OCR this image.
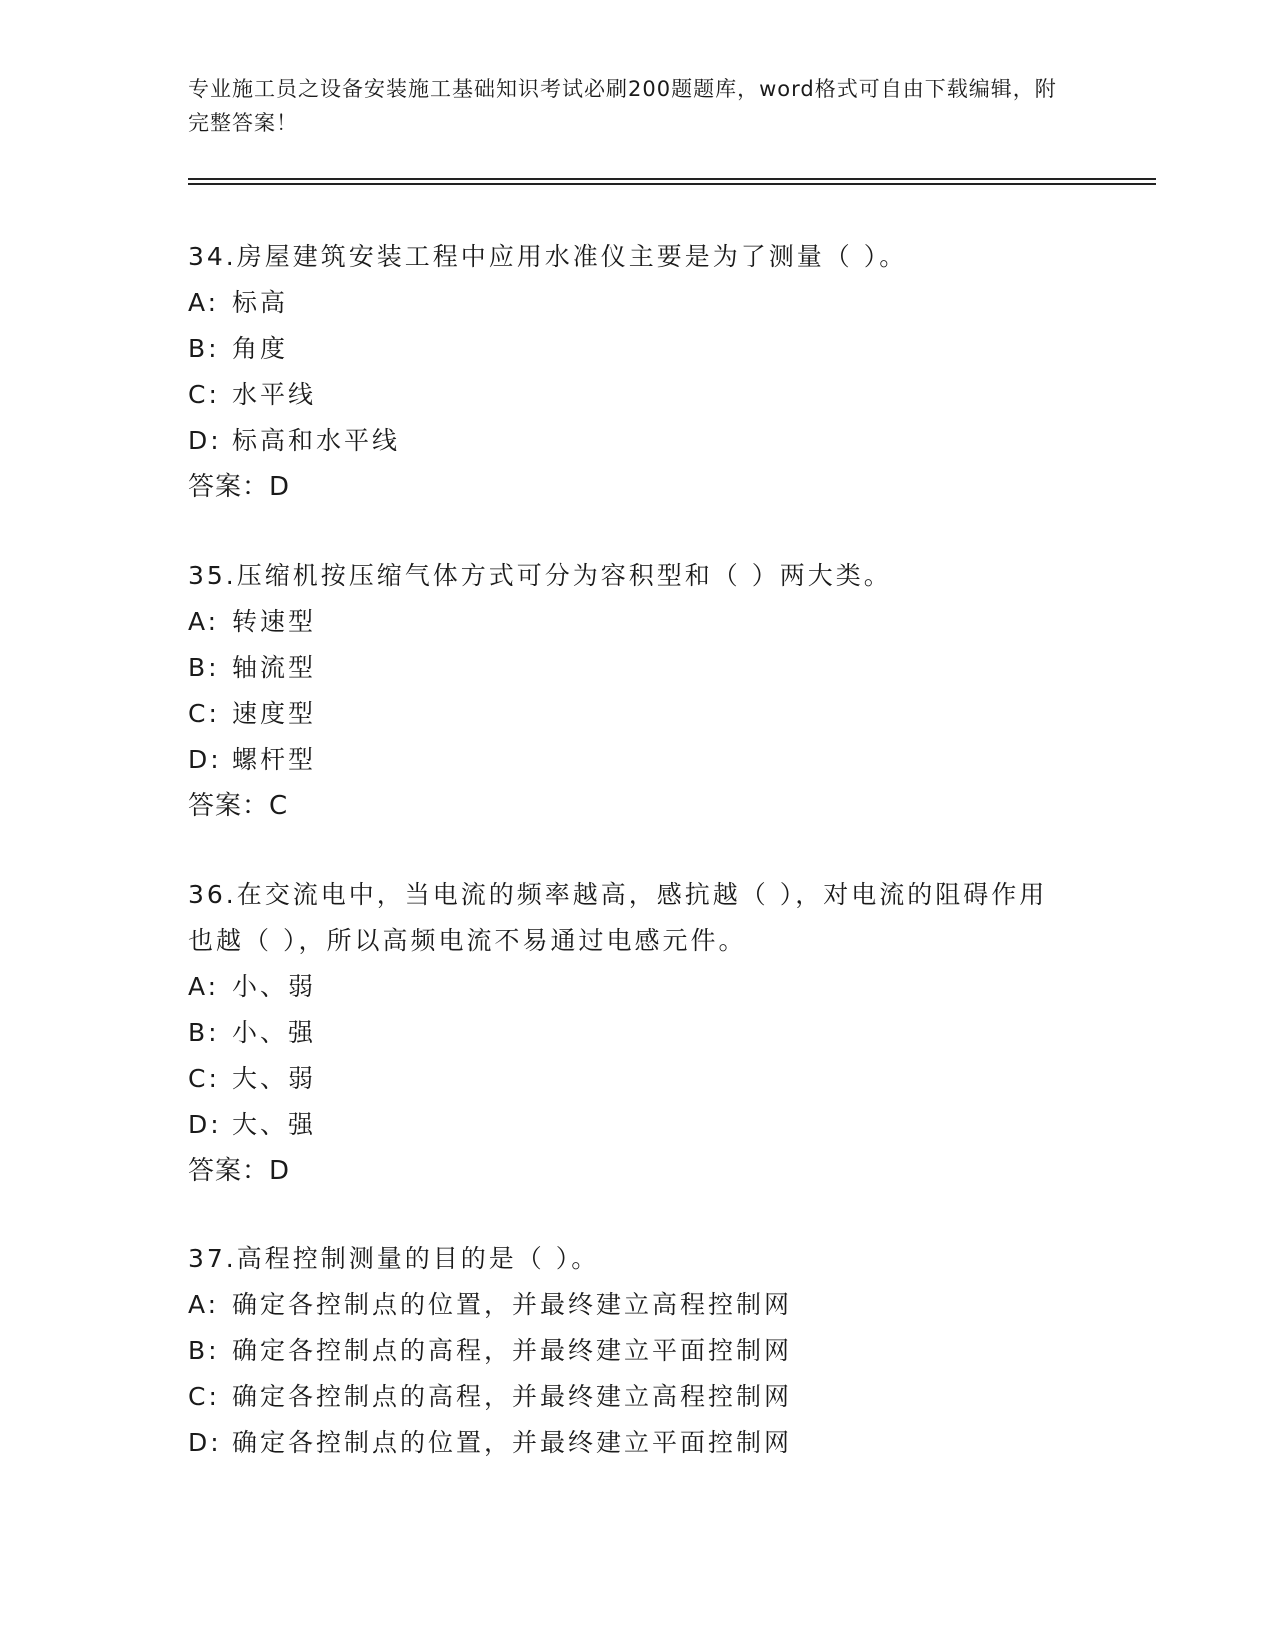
专业施工员之设备安装施工基础知识考试必刷200题题库，word格式可自由下载编辑，附完整答案！

34.房屋建筑安装工程中应用水准仪主要是为了测量（ ）。

A: 标高

B: 角度

C: 水平线

D: 标高和水平线

答案：D

35.压缩机按压缩气体方式可分为容积型和（ ）两大类。

A: 转速型

B: 轴流型

C: 速度型

D: 螺杆型

答案：C

36.在交流电中，当电流的频率越高，感抗越（ ），对电流的阻碍作用也越（ ），所以高频电流不易通过电感元件。

A: 小、弱

B: 小、强

C: 大、弱

D: 大、强

答案：D

37.高程控制测量的目的是（ ）。

A: 确定各控制点的位置，并最终建立高程控制网

B: 确定各控制点的高程，并最终建立平面控制网

C: 确定各控制点的高程，并最终建立高程控制网

D: 确定各控制点的位置，并最终建立平面控制网
